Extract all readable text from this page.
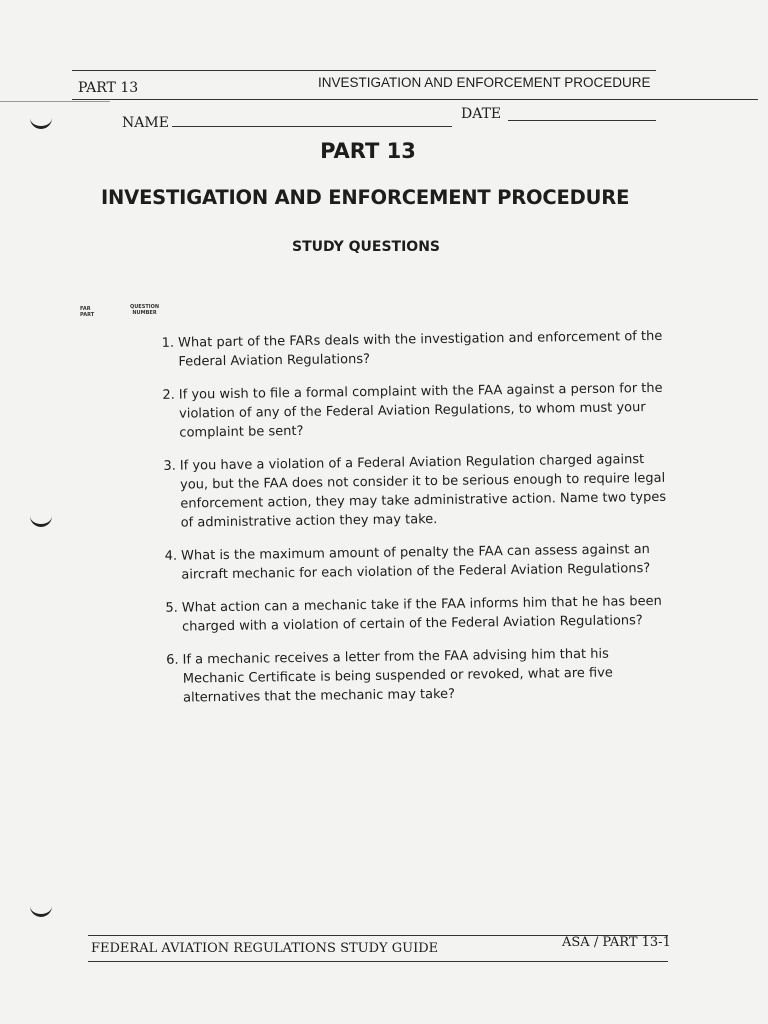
PART 13	INVESTIGATION AND ENFORCEMENT PROCEDURE
NAME
DATE
PART 13
INVESTIGATION AND ENFORCEMENT PROCEDURE
STUDY QUESTIONS
FAR
PART
QUESTION
NUMBER
1. What part of the FARs deals with the investigation and enforcement of the Federal Aviation Regulations?
2. If you wish to file a formal complaint with the FAA against a person for the violation of any of the Federal Aviation Regulations, to whom must your complaint be sent?
3. If you have a violation of a Federal Aviation Regulation charged against you, but the FAA does not consider it to be serious enough to require legal enforcement action, they may take administrative action. Name two types of administrative action they may take.
4. What is the maximum amount of penalty the FAA can assess against an aircraft mechanic for each violation of the Federal Aviation Regulations?
5. What action can a mechanic take if the FAA informs him that he has been charged with a violation of certain of the Federal Aviation Regulations?
6. If a mechanic receives a letter from the FAA advising him that his Mechanic Certificate is being suspended or revoked, what are five alternatives that the mechanic may take?
FEDERAL AVIATION REGULATIONS STUDY GUIDE	ASA / PART 13-1
